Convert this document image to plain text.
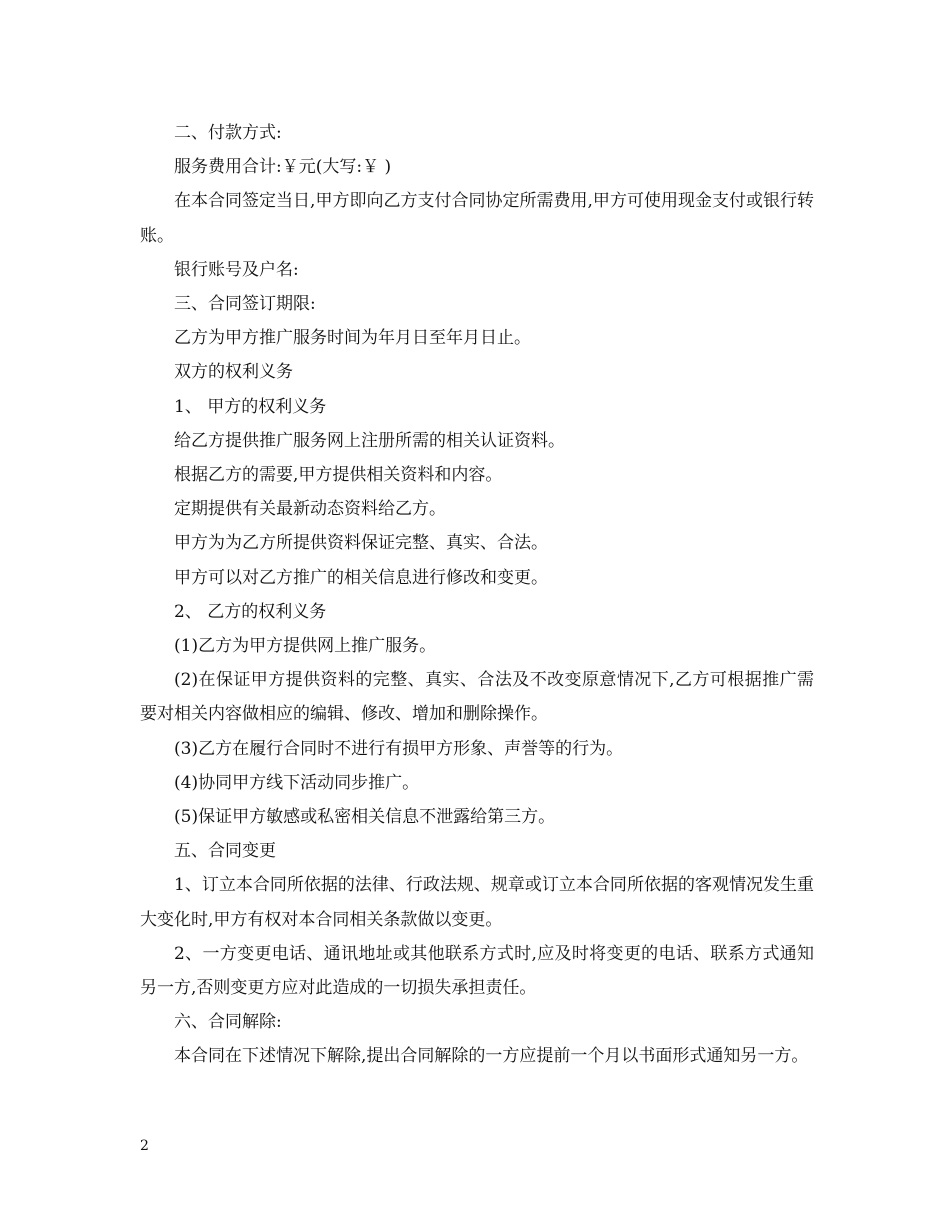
二、付款方式:

服务费用合计:￥元(大写:￥ )

在本合同签定当日,甲方即向乙方支付合同协定所需费用,甲方可使用现金支付或银行转账。

银行账号及户名:

三、合同签订期限:

乙方为甲方推广服务时间为年月日至年月日止。

双方的权利义务

1、 甲方的权利义务

给乙方提供推广服务网上注册所需的相关认证资料。

根据乙方的需要,甲方提供相关资料和内容。

定期提供有关最新动态资料给乙方。

甲方为为乙方所提供资料保证完整、真实、合法。

甲方可以对乙方推广的相关信息进行修改和变更。

2、 乙方的权利义务

(1)乙方为甲方提供网上推广服务。

(2)在保证甲方提供资料的完整、真实、合法及不改变原意情况下,乙方可根据推广需要对相关内容做相应的编辑、修改、增加和删除操作。

(3)乙方在履行合同时不进行有损甲方形象、声誉等的行为。

(4)协同甲方线下活动同步推广。

(5)保证甲方敏感或私密相关信息不泄露给第三方。

五、合同变更

1、订立本合同所依据的法律、行政法规、规章或订立本合同所依据的客观情况发生重大变化时,甲方有权对本合同相关条款做以变更。

2、一方变更电话、通讯地址或其他联系方式时,应及时将变更的电话、联系方式通知另一方,否则变更方应对此造成的一切损失承担责任。

六、合同解除:

本合同在下述情况下解除,提出合同解除的一方应提前一个月以书面形式通知另一方。

2
